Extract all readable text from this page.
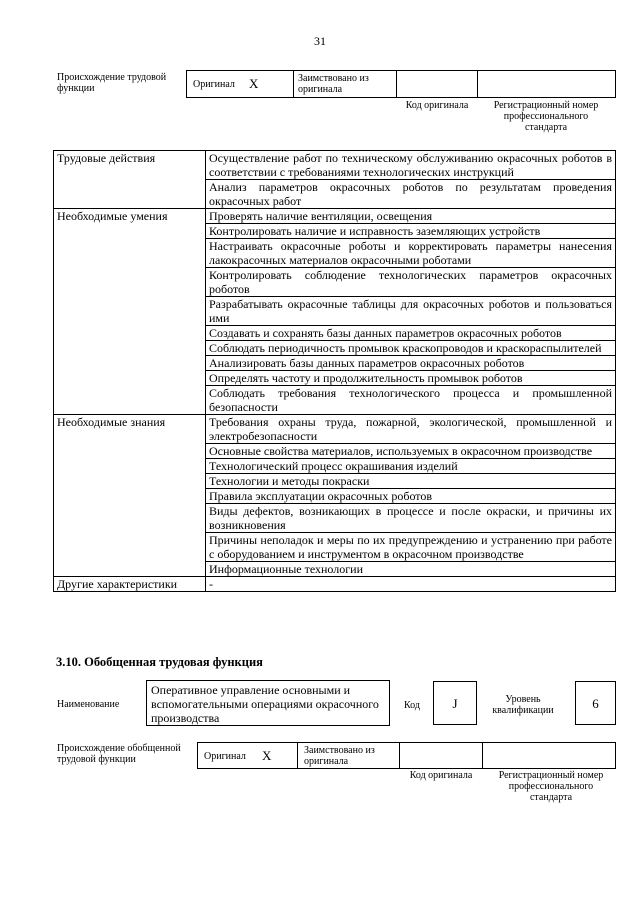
31
Происхождение трудовой функции	Оригинал X	Заимствовано из оригинала
Код оригинала	Регистрационный номер профессионального стандарта
Трудовые действия	Осуществление работ по техническому обслуживанию окрасочных роботов в соответствии с требованиями технологических инструкций
	Анализ параметров окрасочных роботов по результатам проведения окрасочных работ
Необходимые умения	Проверять наличие вентиляции, освещения
	Контролировать наличие и исправность заземляющих устройств
	Настраивать окрасочные роботы и корректировать параметры нанесения лакокрасочных материалов окрасочными роботами
	Контролировать соблюдение технологических параметров окрасочных роботов
	Разрабатывать окрасочные таблицы для окрасочных роботов и пользоваться ими
	Создавать и сохранять базы данных параметров окрасочных роботов
	Соблюдать периодичность промывок краскопроводов и краскораспылителей
	Анализировать базы данных параметров окрасочных роботов
	Определять частоту и продолжительность промывок роботов
	Соблюдать требования технологического процесса и промышленной безопасности
Необходимые знания	Требования охраны труда, пожарной, экологической, промышленной и электробезопасности
	Основные свойства материалов, используемых в окрасочном производстве
	Технологический процесс окрашивания изделий
	Технологии и методы покраски
	Правила эксплуатации окрасочных роботов
	Виды дефектов, возникающих в процессе и после окраски, и причины их возникновения
	Причины неполадок и меры по их предупреждению и устранению при работе с оборудованием и инструментом в окрасочном производстве
	Информационные технологии
Другие характеристики	-
3.10. Обобщенная трудовая функция
Наименование
Оперативное управление основными и вспомогательными операциями окрасочного производства
Код	J	Уровень квалификации	6
Происхождение обобщенной трудовой функции	Оригинал X	Заимствовано из оригинала
Код оригинала	Регистрационный номер профессионального стандарта
